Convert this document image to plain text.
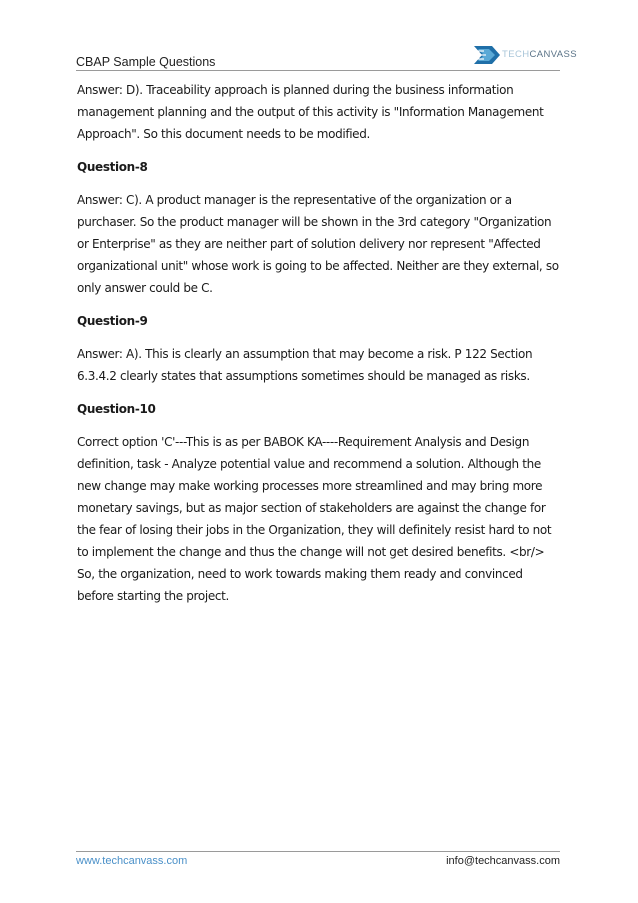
CBAP Sample Questions
TECHCANVASS

Answer: D). Traceability approach is planned during the business information management planning and the output of this activity is "Information Management Approach". So this document needs to be modified.

Question-8

Answer: C). A product manager is the representative of the organization or a purchaser. So the product manager will be shown in the 3rd category "Organization or Enterprise" as they are neither part of solution delivery nor represent "Affected organizational unit" whose work is going to be affected. Neither are they external, so only answer could be C.

Question-9

Answer: A). This is clearly an assumption that may become a risk. P 122 Section 6.3.4.2 clearly states that assumptions sometimes should be managed as risks.

Question-10

Correct option 'C'---This is as per BABOK KA----Requirement Analysis and Design definition, task - Analyze potential value and recommend a solution. Although the new change may make working processes more streamlined and may bring more monetary savings, but as major section of stakeholders are against the change for the fear of losing their jobs in the Organization, they will definitely resist hard to not to implement the change and thus the change will not get desired benefits. <br/> So, the organization, need to work towards making them ready and convinced before starting the project.

www.techcanvass.com	info@techcanvass.com
